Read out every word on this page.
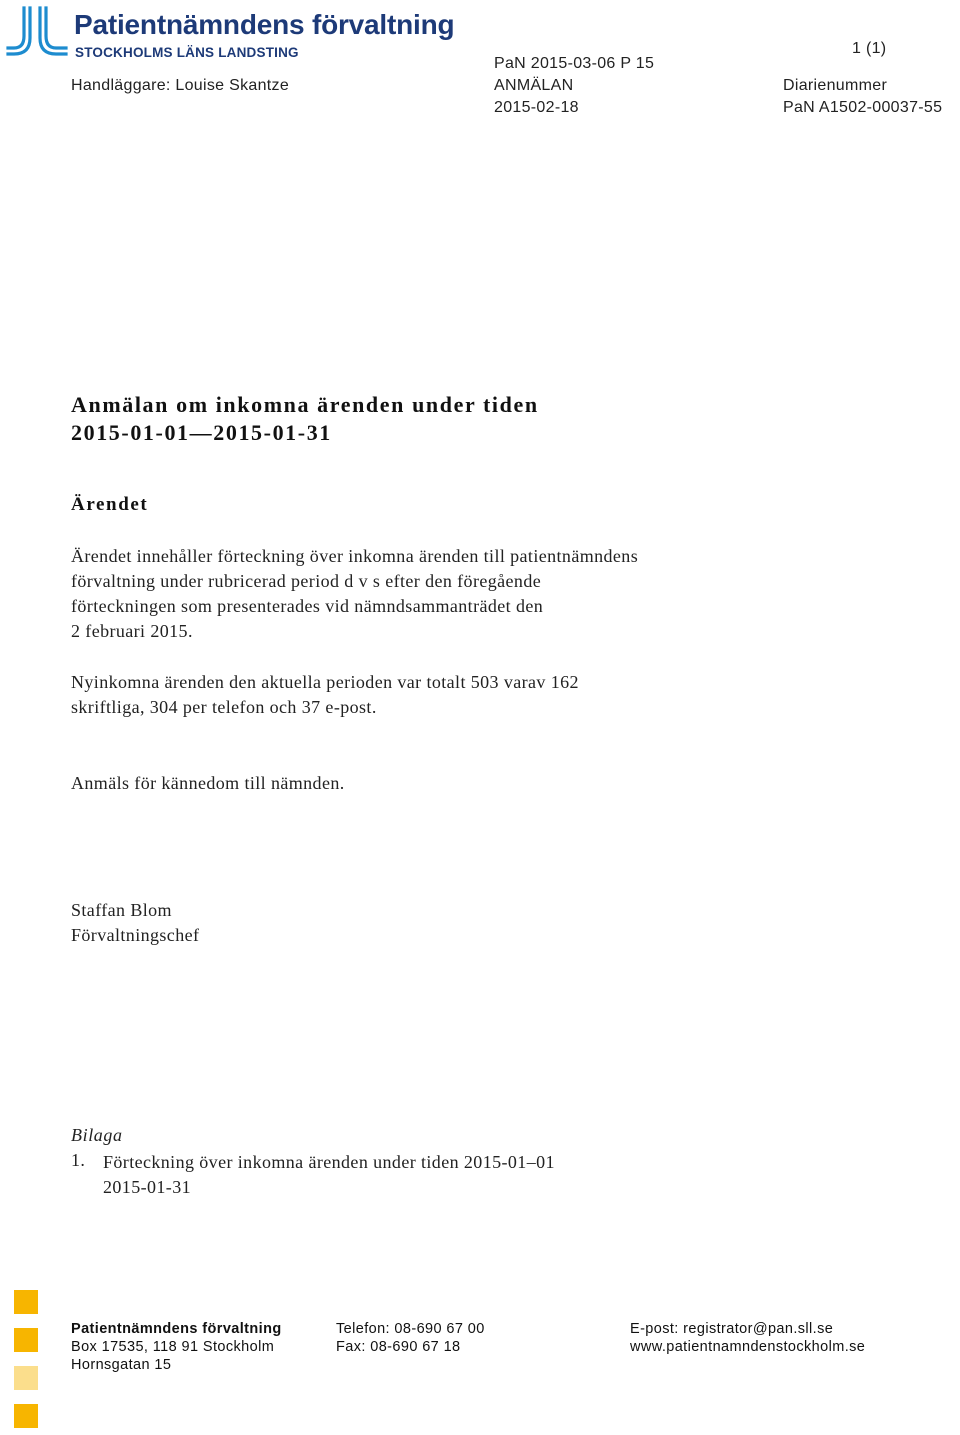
Patientnämndens förvaltning
STOCKHOLMS LÄNS LANDSTING	1 (1)
Handläggare: Louise Skantze
PaN 2015-03-06 P 15
ANMÄLAN
2015-02-18
Diarienummer
PaN A1502-00037-55
Anmälan om inkomna ärenden under tiden
2015-01-01—2015-01-31
Ärendet
Ärendet innehåller förteckning över inkomna ärenden till patientnämndens
förvaltning under rubricerad period d v s efter den föregående
förteckningen som presenterades vid nämndsammanträdet den
2 februari 2015.
Nyinkomna ärenden den aktuella perioden var totalt 503 varav 162
skriftliga, 304 per telefon och 37 e-post.
Anmäls för kännedom till nämnden.
Staffan Blom
Förvaltningschef
Bilaga
1. Förteckning över inkomna ärenden under tiden 2015-01–01
2015-01-31
Patientnämndens förvaltning
Box 17535, 118 91 Stockholm
Hornsgatan 15
Telefon: 08-690 67 00
Fax: 08-690 67 18
E-post: registrator@pan.sll.se
www.patientnamndenstockholm.se
